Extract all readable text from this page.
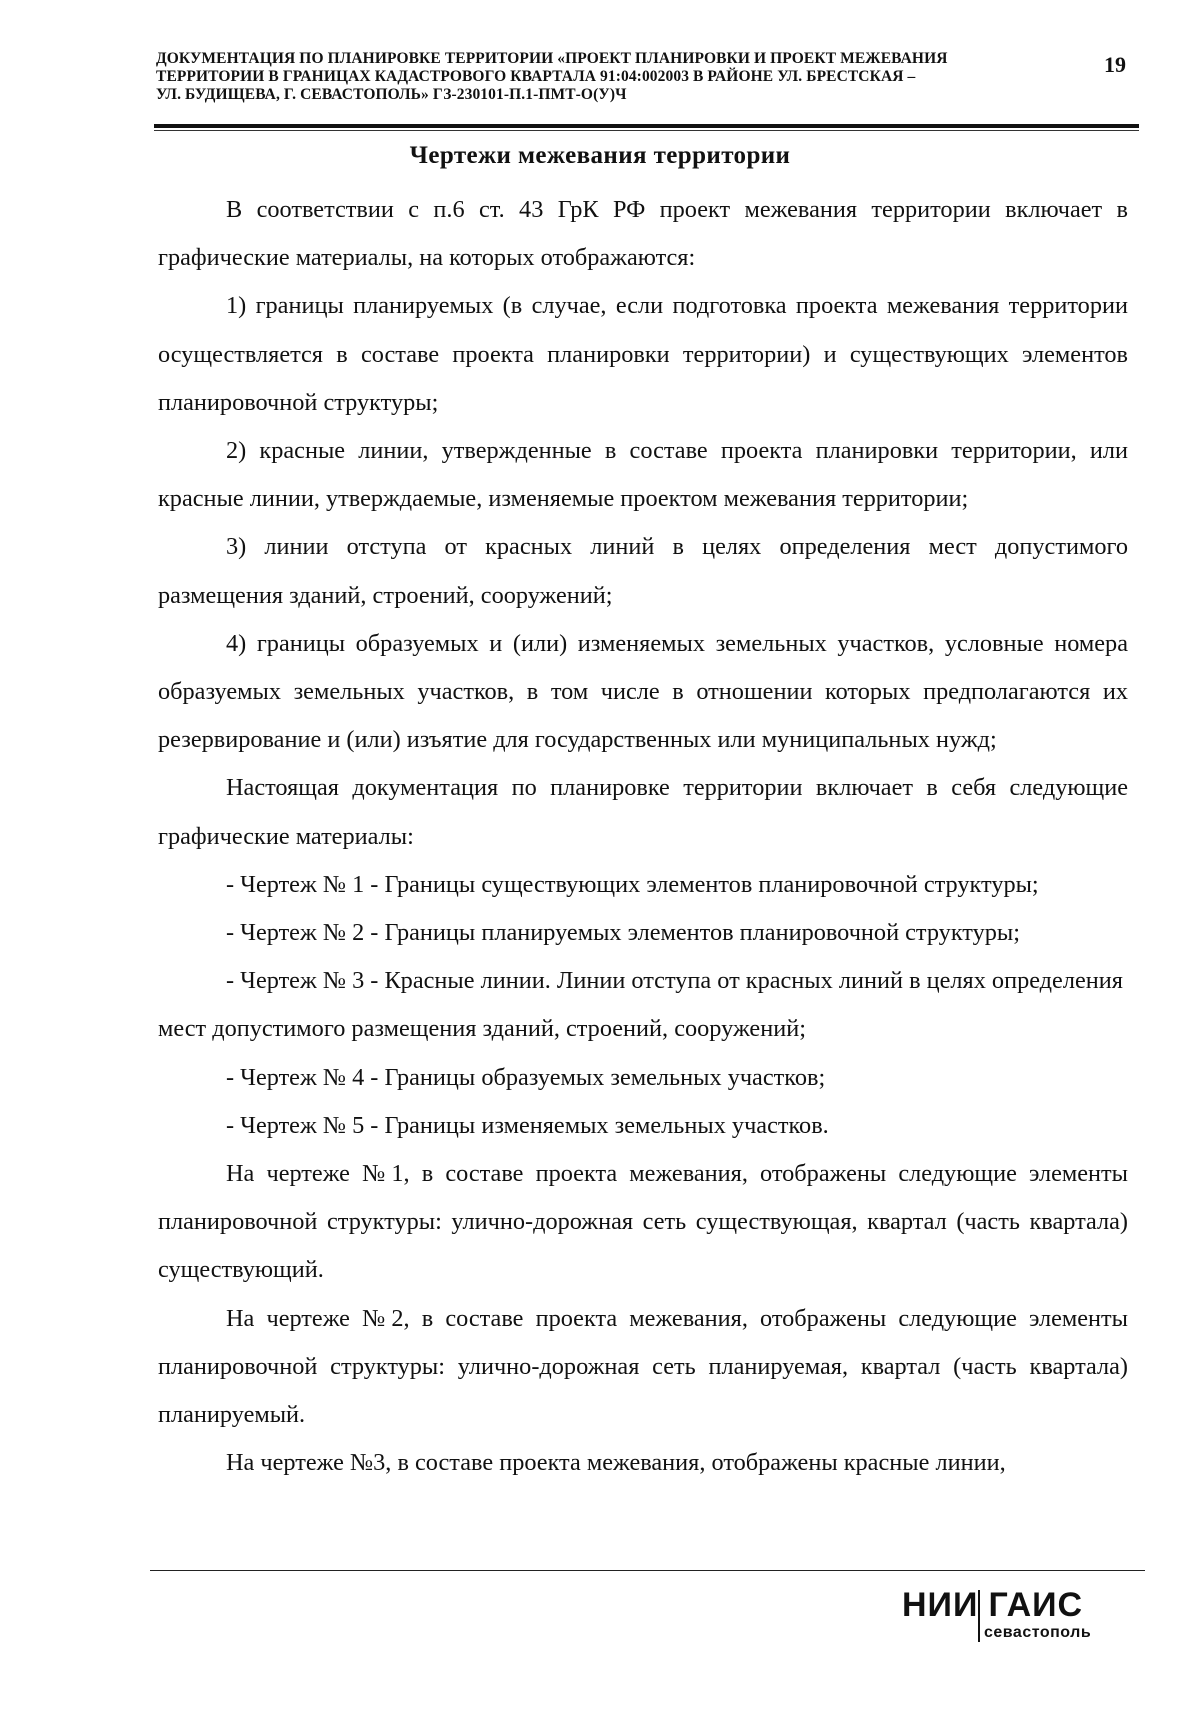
ДОКУМЕНТАЦИЯ ПО ПЛАНИРОВКЕ ТЕРРИТОРИИ «ПРОЕКТ ПЛАНИРОВКИ И ПРОЕКТ МЕЖЕВАНИЯ
ТЕРРИТОРИИ В ГРАНИЦАХ КАДАСТРОВОГО КВАРТАЛА 91:04:002003 В РАЙОНЕ УЛ. БРЕСТСКАЯ –
УЛ. БУДИЩЕВА, Г. СЕВАСТОПОЛЬ» ГЗ-230101-П.1-ПМТ-О(У)Ч
19
Чертежи межевания территории

В соответствии с п.6 ст. 43 ГрК РФ проект межевания территории включает в графические материалы, на которых отображаются:

1) границы планируемых (в случае, если подготовка проекта межевания территории осуществляется в составе проекта планировки территории) и существующих элементов планировочной структуры;

2) красные линии, утвержденные в составе проекта планировки территории, или красные линии, утверждаемые, изменяемые проектом межевания территории;

3) линии отступа от красных линий в целях определения мест допустимого размещения зданий, строений, сооружений;

4) границы образуемых и (или) изменяемых земельных участков, условные номера образуемых земельных участков, в том числе в отношении которых предполагаются их резервирование и (или) изъятие для государственных или муниципальных нужд;

Настоящая документация по планировке территории включает в себя следующие графические материалы:

- Чертеж № 1 - Границы существующих элементов планировочной структуры;

- Чертеж № 2 - Границы планируемых элементов планировочной структуры;

- Чертеж № 3 - Красные линии. Линии отступа от красных линий в целях определения мест допустимого размещения зданий, строений, сооружений;

- Чертеж № 4 - Границы образуемых земельных участков;

- Чертеж № 5 - Границы изменяемых земельных участков.

На чертеже №1, в составе проекта межевания, отображены следующие элементы планировочной структуры: улично-дорожная сеть существующая, квартал (часть квартала) существующий.

На чертеже №2, в составе проекта межевания, отображены следующие элементы планировочной структуры: улично-дорожная сеть планируемая, квартал (часть квартала) планируемый.

На чертеже №3, в составе проекта межевания, отображены красные линии,

НИИ ГАИС
севастополь
